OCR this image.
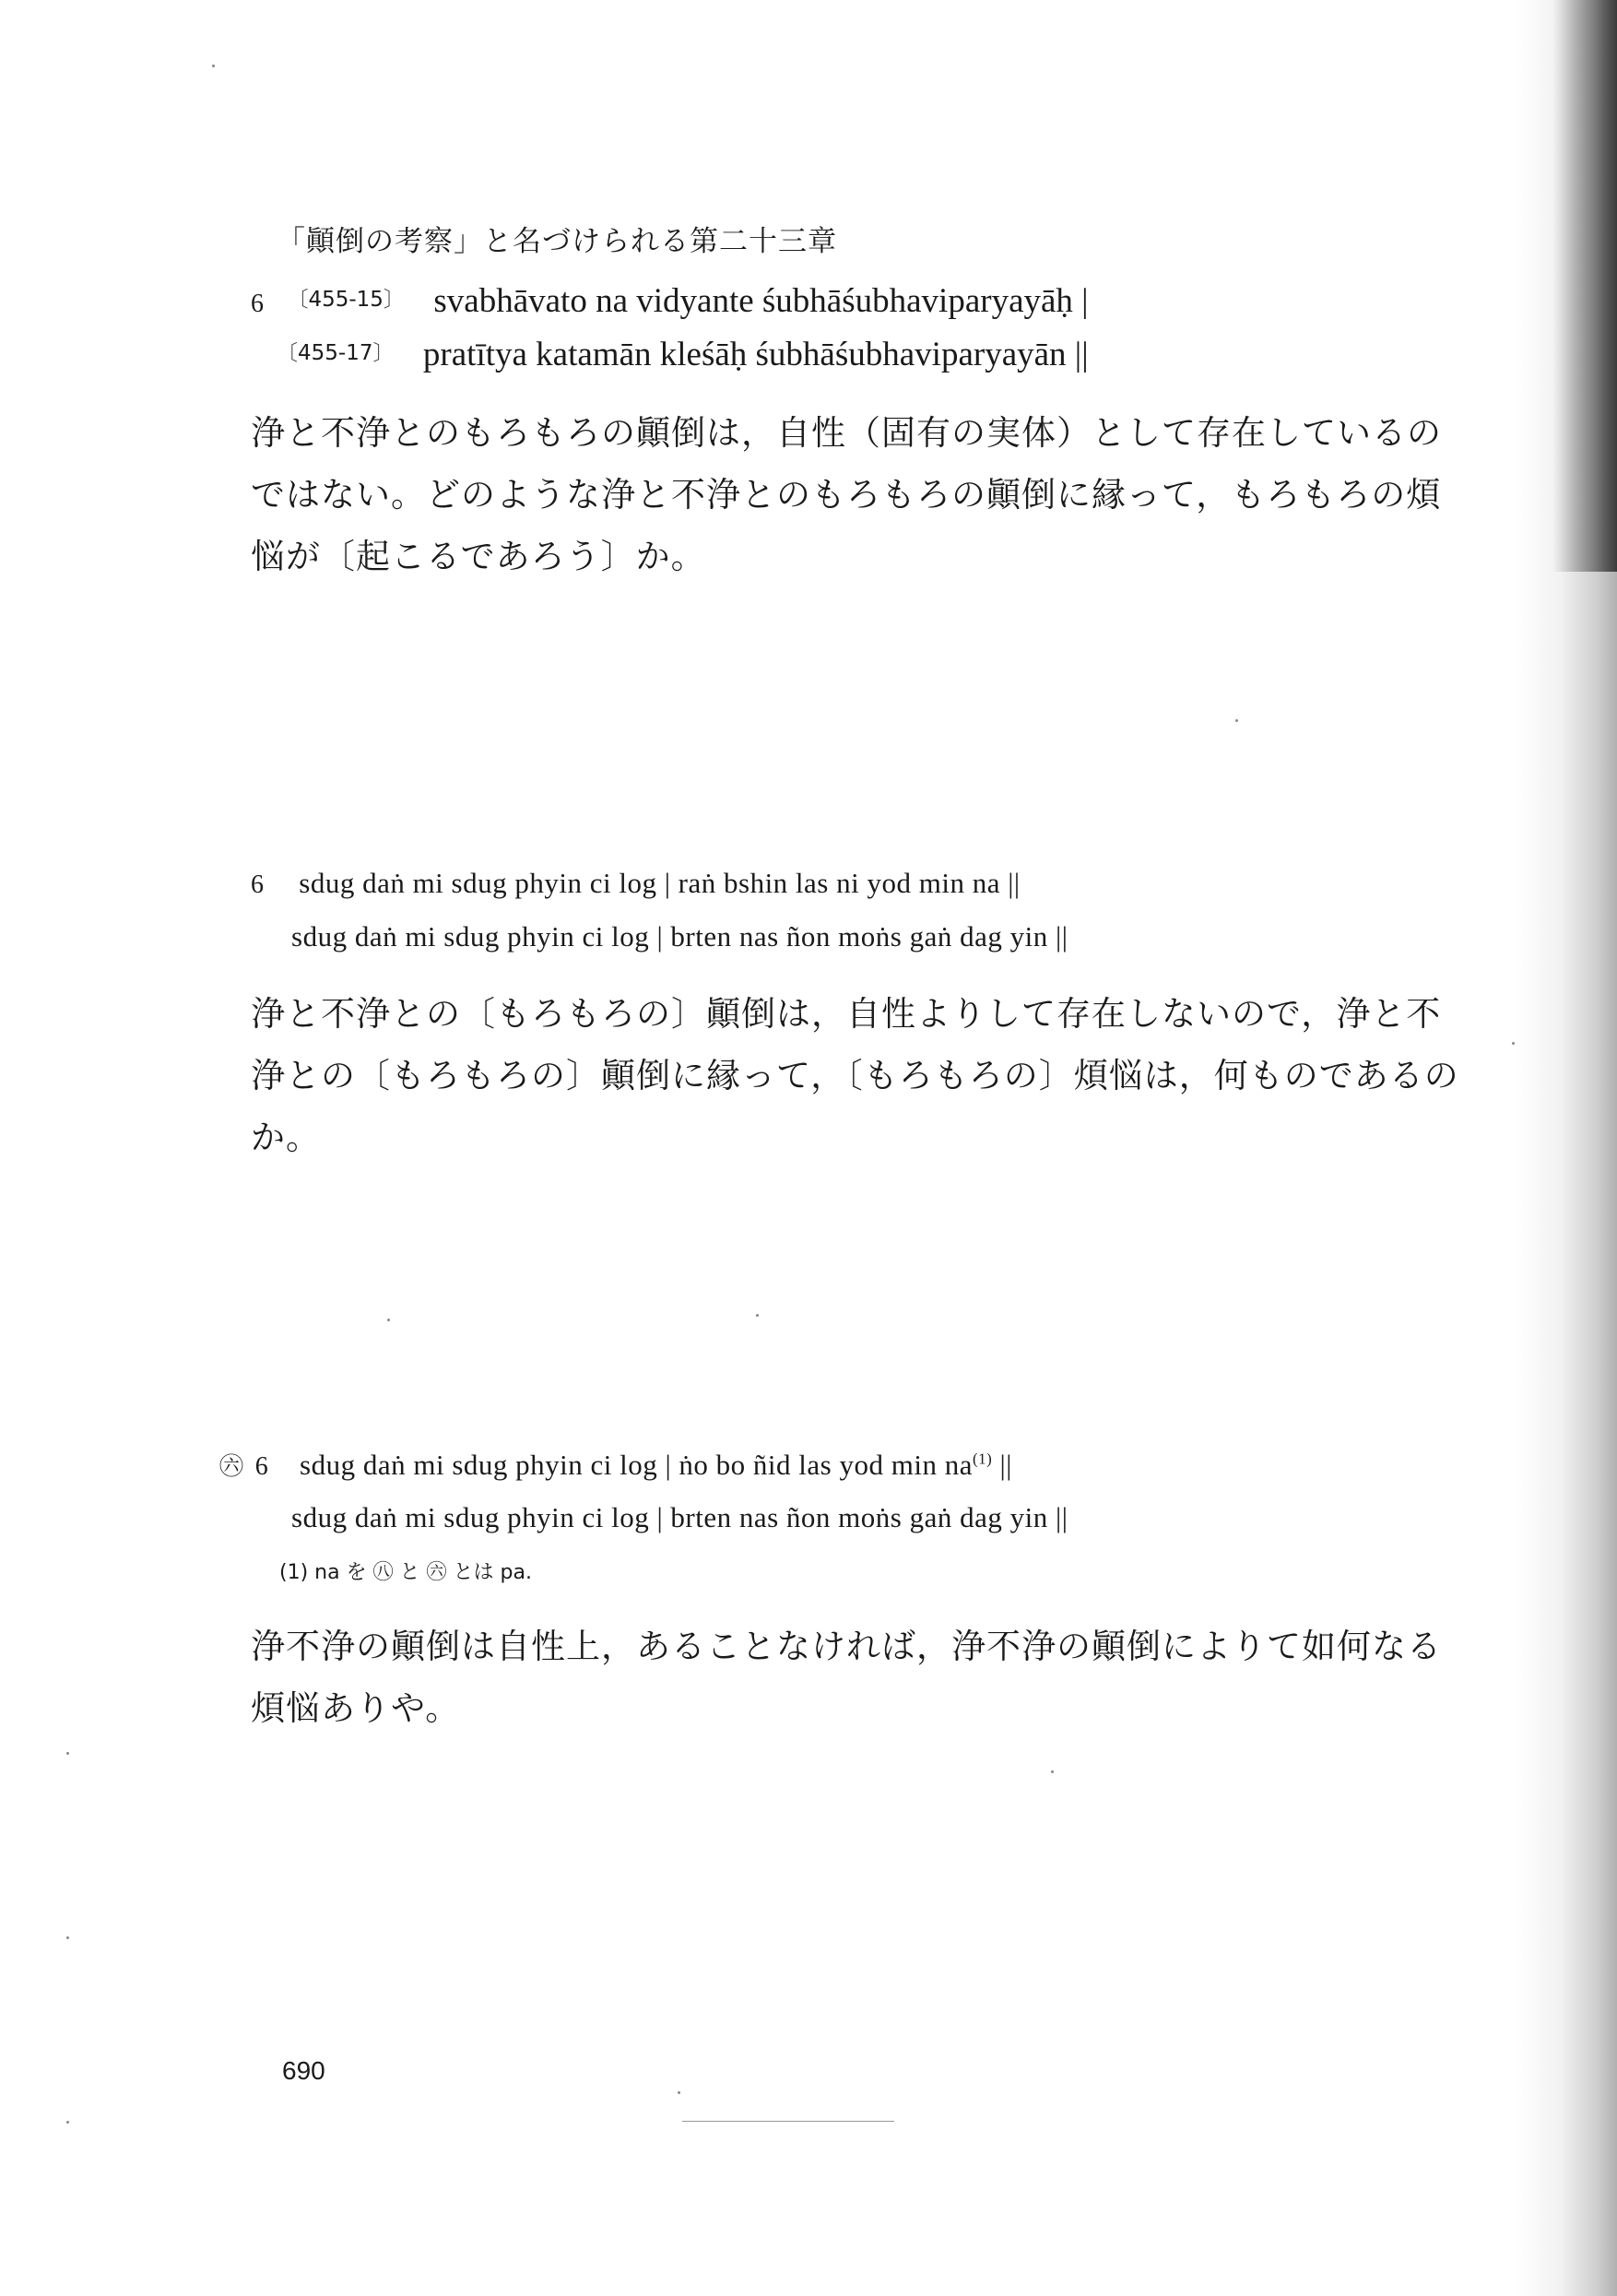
「顚倒の考察」と名づけられる第二十三章
6 〔455-15〕 svabhāvato na vidyante śubhāśubhaviparyayāḥ |
〔455-17〕 pratītya katamān kleśāḥ śubhāśubhaviparyayān ||
浄と不浄とのもろもろの顚倒は，自性（固有の実体）として存在しているのではない。どのような浄と不浄とのもろもろの顚倒に縁って，もろもろの煩悩が〔起こるであろう〕か。
6 sdug daṅ mi sdug phyin ci log | raṅ bshin las ni yod min na ||
sdug daṅ mi sdug phyin ci log | brten nas ñon moṅs gaṅ dag yin ||
浄と不浄との〔もろもろの〕顚倒は，自性よりして存在しないので，浄と不浄との〔もろもろの〕顚倒に縁って，〔もろもろの〕煩悩は，何ものであるのか。
㊅ 6 sdug daṅ mi sdug phyin ci log | ṅo bo ñid las yod $\min na^{(1)}$ ||
sdug daṅ mi sdug phyin ci log | brten nas ñon moṅs gaṅ dag yin ||
(1) na を ㊇ と ㊅ とは pa.
浄不浄の顚倒は自性上，あることなければ，浄不浄の顚倒によりて如何なる煩悩ありや。
690
